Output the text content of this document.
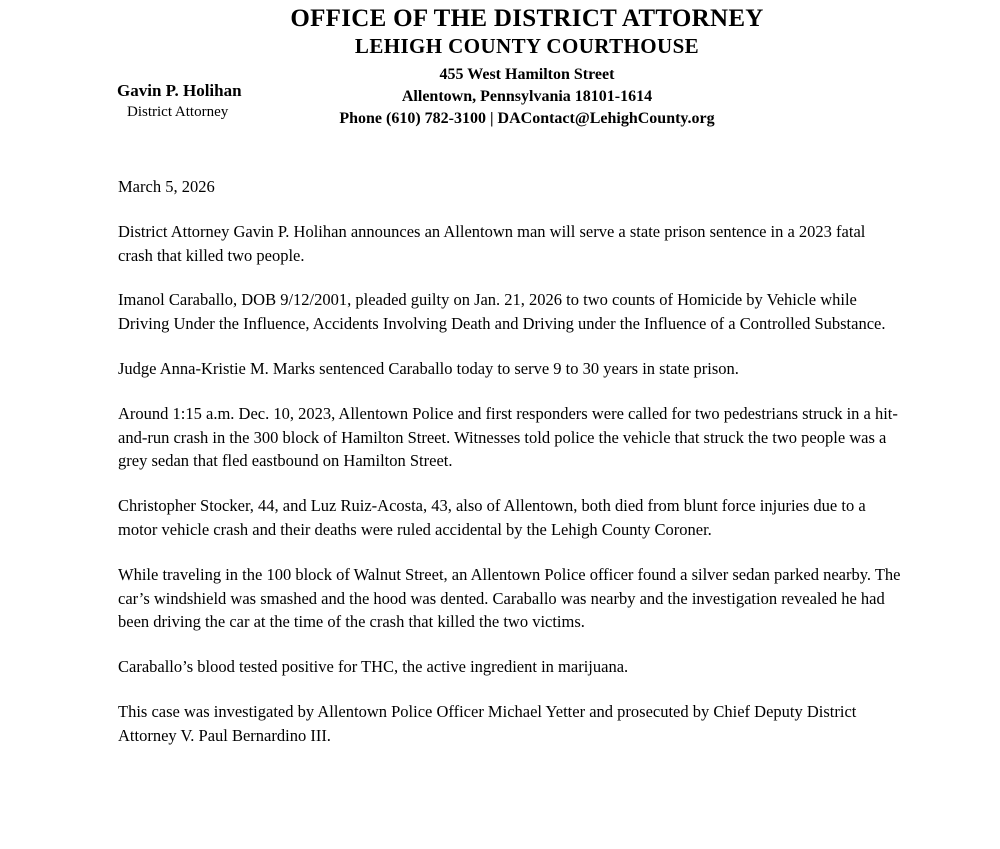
OFFICE OF THE DISTRICT ATTORNEY
LEHIGH COUNTY COURTHOUSE
455 West Hamilton Street
Allentown, Pennsylvania 18101-1614
Phone (610) 782-3100 | DAContact@LehighCounty.org
Gavin P. Holihan
District Attorney

March 5, 2026

District Attorney Gavin P. Holihan announces an Allentown man will serve a state prison sentence in a 2023 fatal crash that killed two people.

Imanol Caraballo, DOB 9/12/2001, pleaded guilty on Jan. 21, 2026 to two counts of Homicide by Vehicle while Driving Under the Influence, Accidents Involving Death and Driving under the Influence of a Controlled Substance.

Judge Anna-Kristie M. Marks sentenced Caraballo today to serve 9 to 30 years in state prison.

Around 1:15 a.m. Dec. 10, 2023, Allentown Police and first responders were called for two pedestrians struck in a hit-and-run crash in the 300 block of Hamilton Street. Witnesses told police the vehicle that struck the two people was a grey sedan that fled eastbound on Hamilton Street.

Christopher Stocker, 44, and Luz Ruiz-Acosta, 43, also of Allentown, both died from blunt force injuries due to a motor vehicle crash and their deaths were ruled accidental by the Lehigh County Coroner.

While traveling in the 100 block of Walnut Street, an Allentown Police officer found a silver sedan parked nearby. The car’s windshield was smashed and the hood was dented. Caraballo was nearby and the investigation revealed he had been driving the car at the time of the crash that killed the two victims.

Caraballo’s blood tested positive for THC, the active ingredient in marijuana.

This case was investigated by Allentown Police Officer Michael Yetter and prosecuted by Chief Deputy District Attorney V. Paul Bernardino III.
